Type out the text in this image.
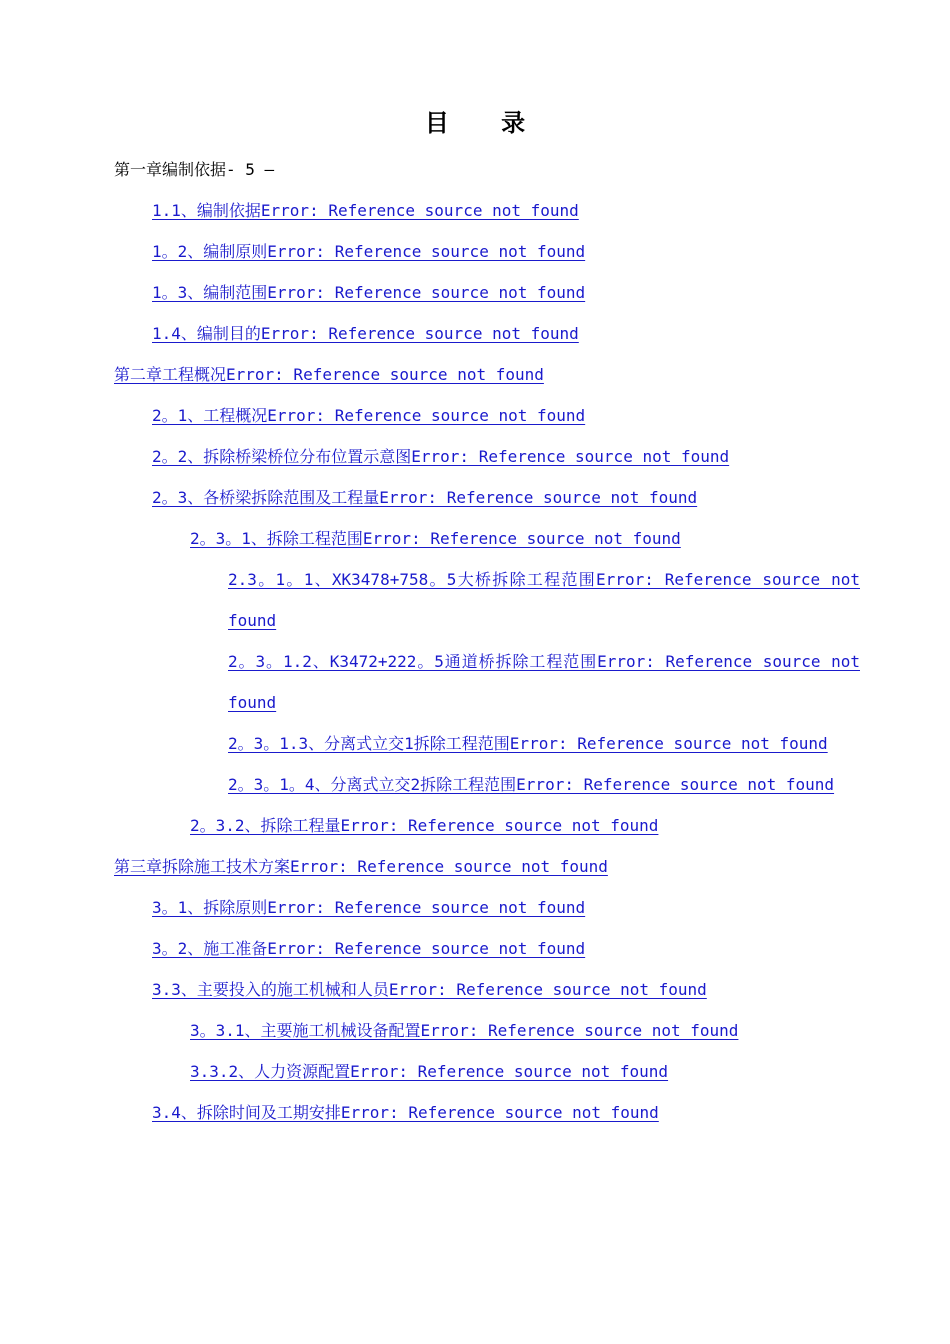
目 录
第一章编制依据- 5 —
1.1、编制依据Error: Reference source not found
1。2、编制原则Error: Reference source not found
1。3、编制范围Error: Reference source not found
1.4、编制目的Error: Reference source not found
第二章工程概况Error: Reference source not found
2。1、工程概况Error: Reference source not found
2。2、拆除桥梁桥位分布位置示意图Error: Reference source not found
2。3、各桥梁拆除范围及工程量Error: Reference source not found
2。3。1、拆除工程范围Error: Reference source not found
2.3。1。1、XK3478+758。5大桥拆除工程范围Error: Reference source not found
2。3。1.2、K3472+222。5通道桥拆除工程范围Error: Reference source not found
2。3。1.3、分离式立交1拆除工程范围Error: Reference source not found
2。3。1。4、分离式立交2拆除工程范围Error: Reference source not found
2。3.2、拆除工程量Error: Reference source not found
第三章拆除施工技术方案Error: Reference source not found
3。1、拆除原则Error: Reference source not found
3。2、施工准备Error: Reference source not found
3.3、主要投入的施工机械和人员Error: Reference source not found
3。3.1、主要施工机械设备配置Error: Reference source not found
3.3.2、人力资源配置Error: Reference source not found
3.4、拆除时间及工期安排Error: Reference source not found
